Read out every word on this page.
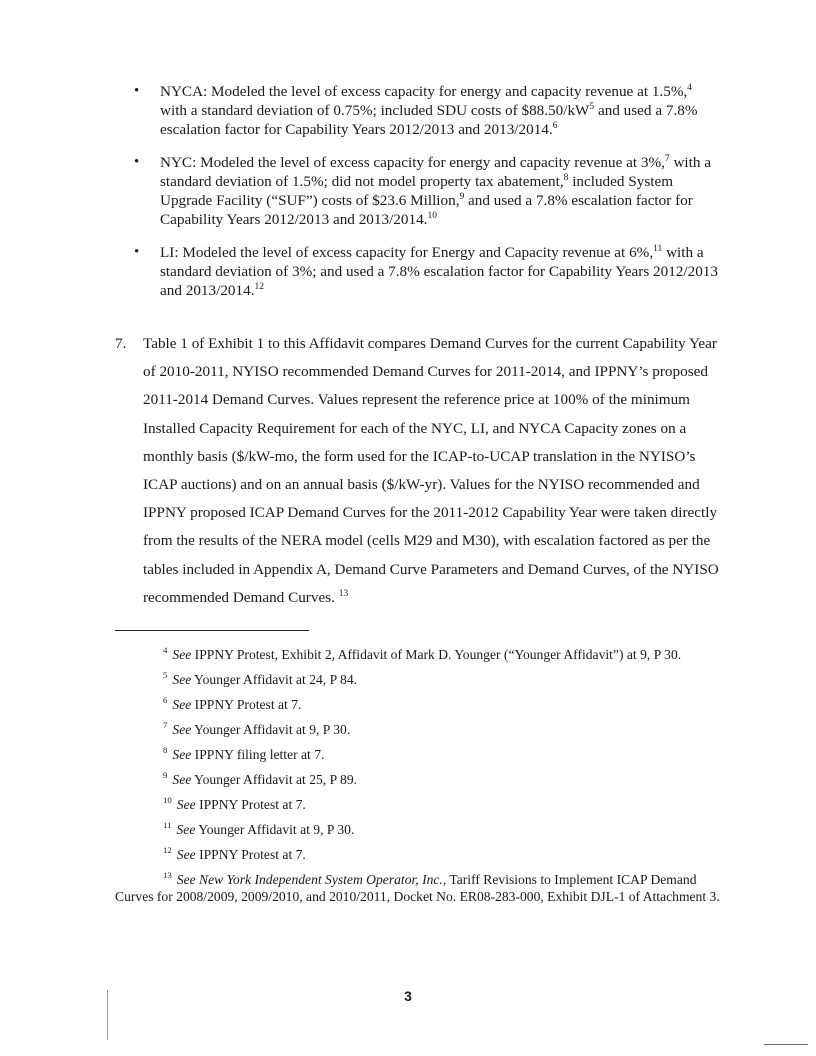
• NYCA: Modeled the level of excess capacity for energy and capacity revenue at 1.5%,$^4$ with a standard deviation of 0.75%; included SDU costs of $\$88.50/kW^5$ and used a 7.8% escalation factor for Capability Years 2012/2013 and 2013/2014.$^6$
• NYC: Modeled the level of excess capacity for energy and capacity revenue at 3%,$^7$ with a standard deviation of 1.5%; did not model property tax abatement,$^8$ included System Upgrade Facility (“SUF”) costs of $23.6 Million,$^9$ and used a 7.8% escalation factor for Capability Years 2012/2013 and 2013/2014.10
• LI: Modeled the level of excess capacity for Energy and Capacity revenue at 6%,$^{11}$ with a standard deviation of 3%; and used a 7.8% escalation factor for Capability Years 2012/2013 and 2013/2014.12
7.	Table 1 of Exhibit 1 to this Affidavit compares Demand Curves for the current Capability Year of 2010-2011, NYISO recommended Demand Curves for 2011-2014, and IPPNY’s proposed 2011-2014 Demand Curves. Values represent the reference price at 100% of the minimum Installed Capacity Requirement for each of the NYC, LI, and NYCA Capacity zones on a monthly basis ($/kW-mo, the form used for the ICAP-to-UCAP translation in the NYISO’s ICAP auctions) and on an annual basis ($/kW-yr). Values for the NYISO recommended and IPPNY proposed ICAP Demand Curves for the 2011-2012 Capability Year were taken directly from the results of the NERA model (cells M29 and M30), with escalation factored as per the tables included in Appendix A, Demand Curve Parameters and Demand Curves, of the NYISO recommended Demand Curves. $^{13}$

$^4$ See IPPNY Protest, Exhibit 2, Affidavit of Mark D. Younger (“Younger Affidavit”) at 9, P 30.

$^5$ See Younger Affidavit at 24, P 84.

$^6$ See IPPNY Protest at 7.

$^7$ See Younger Affidavit at 9, P 30.

$^8$ See IPPNY filing letter at 7.

$^9$ See Younger Affidavit at 25, P 89.

$^{10}$ See IPPNY Protest at 7.

$^{11}$ See Younger Affidavit at 9, P 30.

$^{12}$ See IPPNY Protest at 7.

$^{13}$ See New York Independent System Operator, Inc., Tariff Revisions to Implement ICAP Demand Curves for 2008/2009, 2009/2010, and 2010/2011, Docket No. ER08-283-000, Exhibit DJL-1 of Attachment 3.

3
